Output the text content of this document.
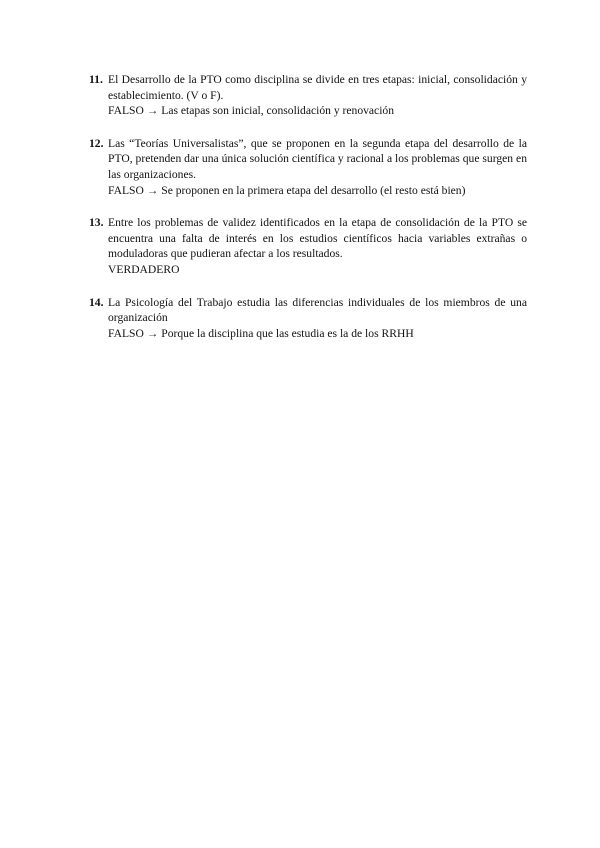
11. El Desarrollo de la PTO como disciplina se divide en tres etapas: inicial, consolidación y establecimiento. (V o F).
FALSO → Las etapas son inicial, consolidación y renovación
12. Las “Teorías Universalistas”, que se proponen en la segunda etapa del desarrollo de la PTO, pretenden dar una única solución científica y racional a los problemas que surgen en las organizaciones.
FALSO → Se proponen en la primera etapa del desarrollo (el resto está bien)
13. Entre los problemas de validez identificados en la etapa de consolidación de la PTO se encuentra una falta de interés en los estudios científicos hacia variables extrañas o moduladoras que pudieran afectar a los resultados.
VERDADERO
14. La Psicología del Trabajo estudia las diferencias individuales de los miembros de una organización
FALSO → Porque la disciplina que las estudia es la de los RRHH
